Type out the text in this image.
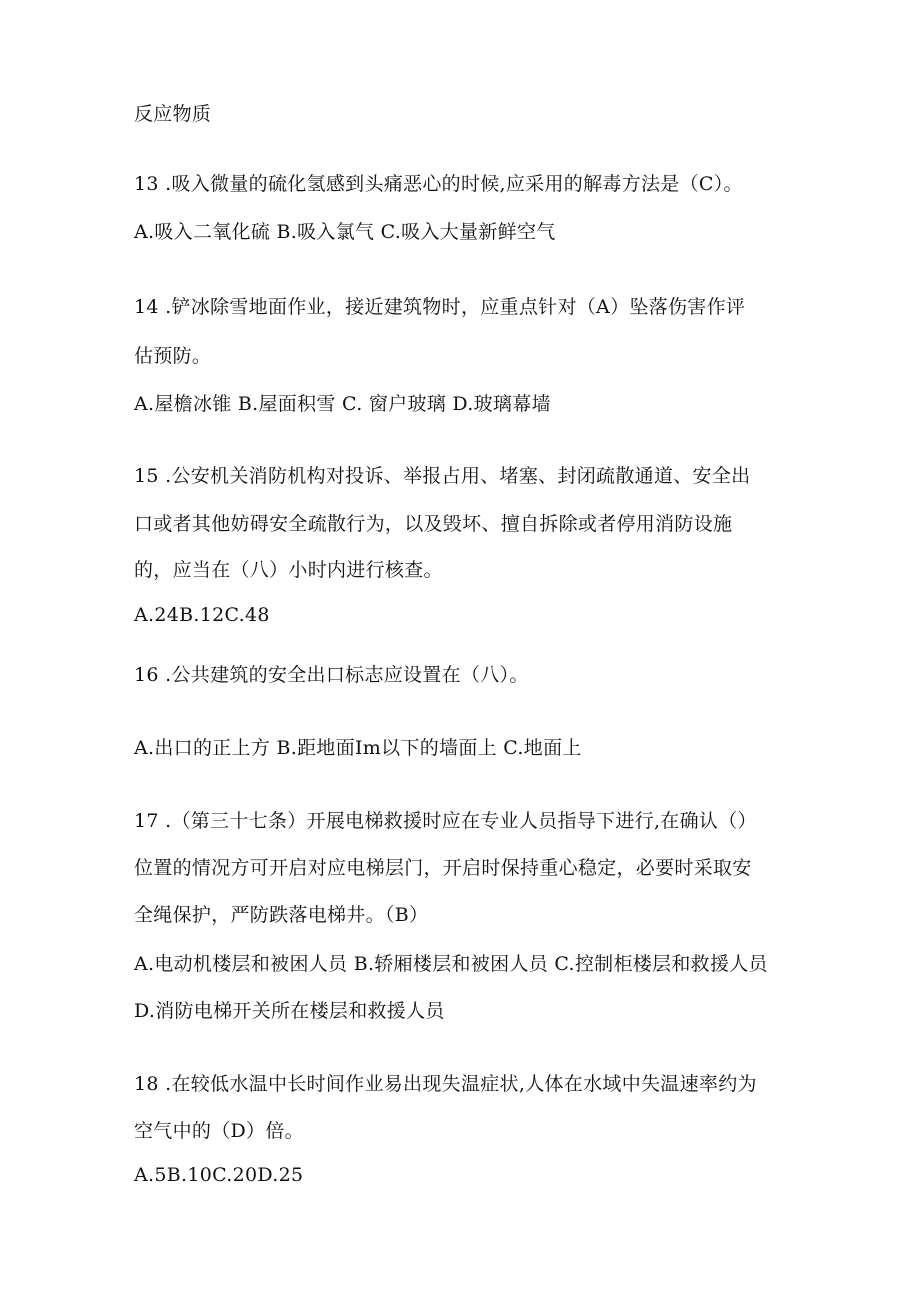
反应物质
13 .吸入微量的硫化氢感到头痛恶心的时候,应采用的解毒方法是（C）。
A.吸入二氧化硫 B.吸入氯气 C.吸入大量新鲜空气
14 .铲冰除雪地面作业，接近建筑物时，应重点针对（A）坠落伤害作评
估预防。
A.屋檐冰锥 B.屋面积雪 C. 窗户玻璃 D.玻璃幕墙
15 .公安机关消防机构对投诉、举报占用、堵塞、封闭疏散通道、安全出
口或者其他妨碍安全疏散行为，以及毁坏、擅自拆除或者停用消防设施
的，应当在（八）小时内进行核查。
A.24B.12C.48
16 .公共建筑的安全出口标志应设置在（八）。
A.出口的正上方 B.距地面Im以下的墙面上 C.地面上
17 .（第三十七条）开展电梯救援时应在专业人员指导下进行,在确认（）
位置的情况方可开启对应电梯层门，开启时保持重心稳定，必要时采取安
全绳保护，严防跌落电梯井。（B）
A.电动机楼层和被困人员 B.轿厢楼层和被困人员 C.控制柜楼层和救援人员
D.消防电梯开关所在楼层和救援人员
18 .在较低水温中长时间作业易出现失温症状,人体在水域中失温速率约为
空气中的（D）倍。
A.5B.10C.20D.25
